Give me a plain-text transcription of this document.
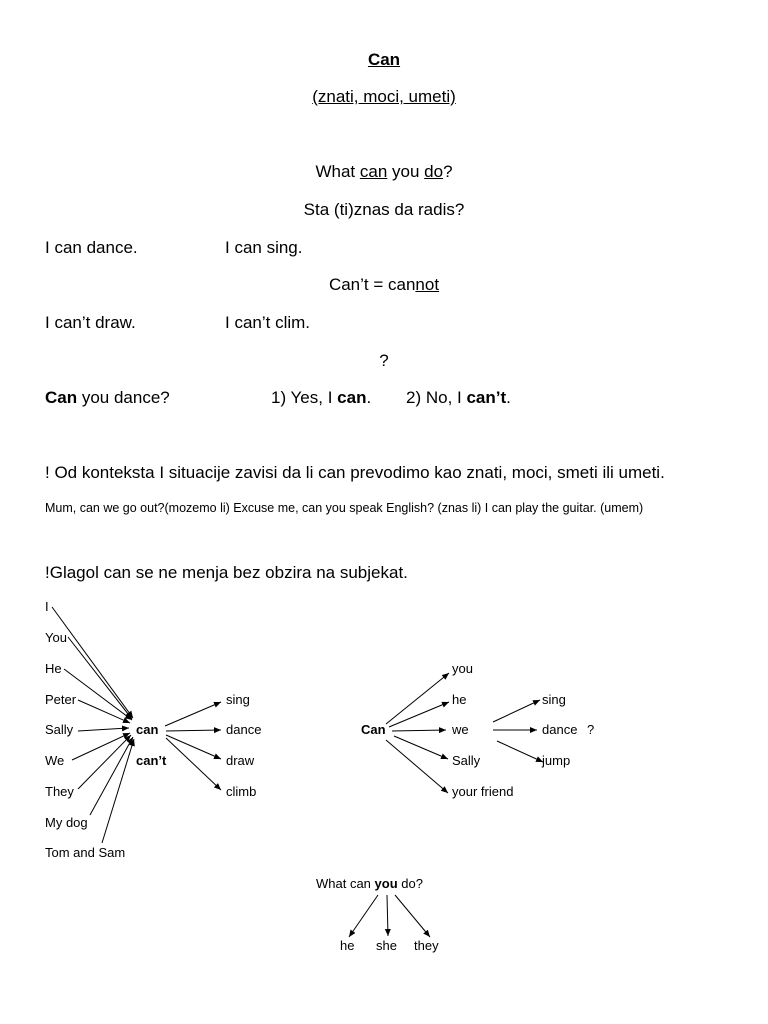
Can
(znati, moci, umeti)
What can you do?
Sta (ti)znas da radis?
I can dance.	I can sing.
Can’t = cannot
I can’t draw.	I can’t clim.
?
Can you dance?	1) Yes, I can. 2) No, I can’t.
! Od konteksta I situacije zavisi da li can prevodimo kao znati, moci, smeti ili umeti.
Mum, can we go out?(mozemo li) Excuse me, can you speak English? (znas li) I can play the guitar. (umem)
!Glagol can se ne menja bez obzira na subjekat.
I
You
He
Peter
Sally
We
They
My dog
Tom and Sam
can
can’t
sing
dance
draw
climb
Can
you
he
we
Sally
your friend
sing
dance
jump
?
What can you do?
he she they
